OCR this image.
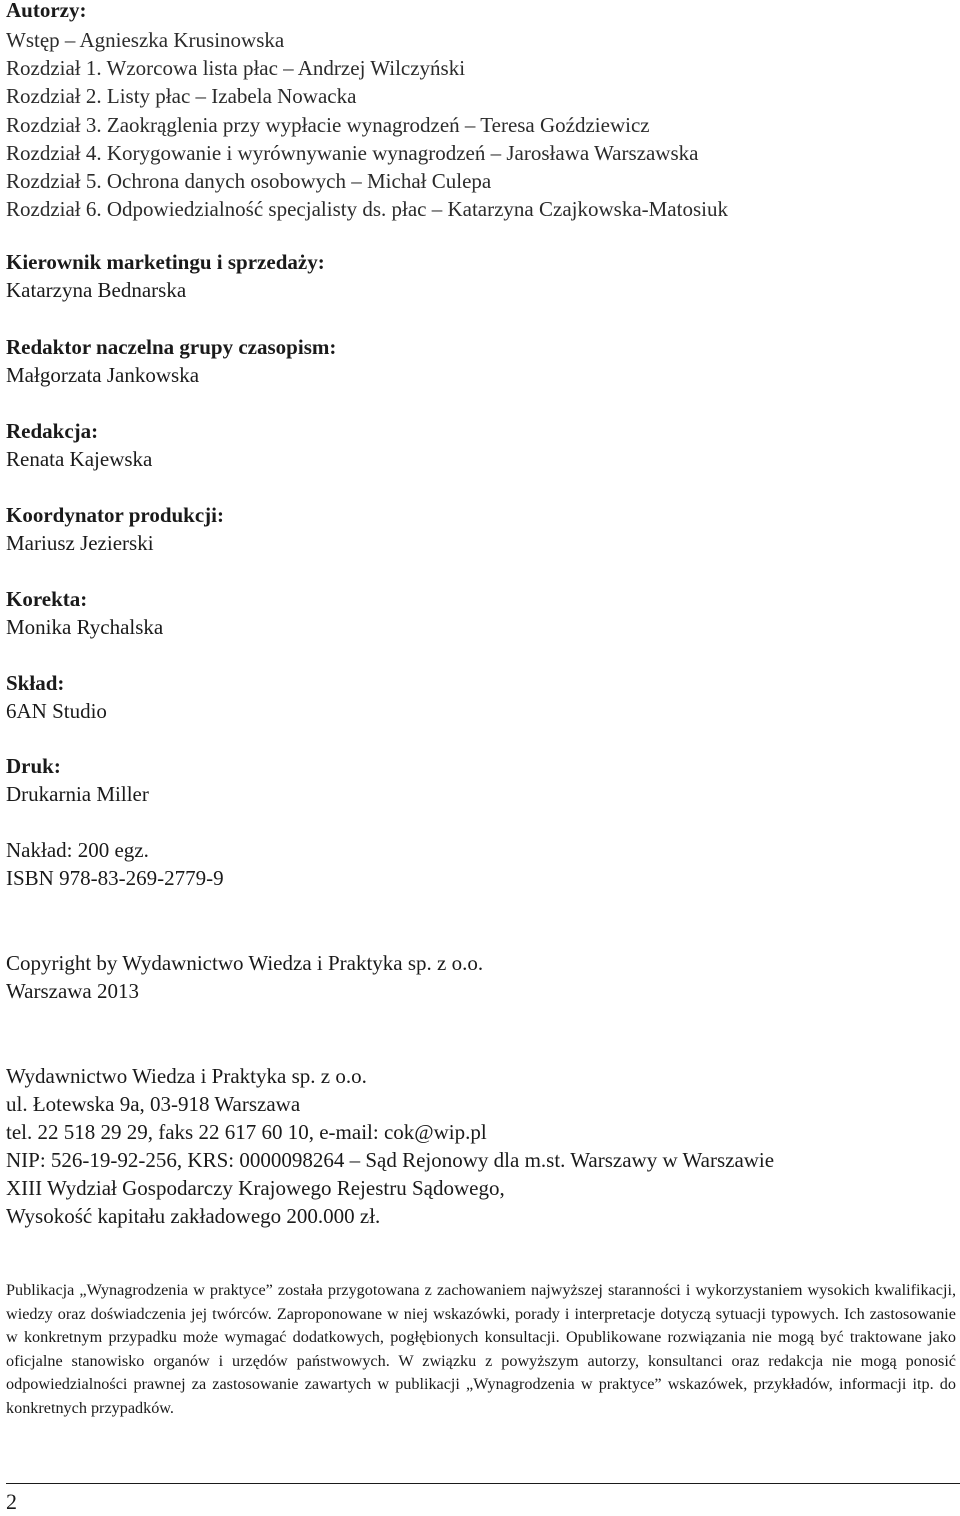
Autorzy:
Wstęp – Agnieszka Krusinowska
Rozdział 1. Wzorcowa lista płac – Andrzej Wilczyński
Rozdział 2. Listy płac – Izabela Nowacka
Rozdział 3. Zaokrąglenia przy wypłacie wynagrodzeń – Teresa Goździewicz
Rozdział 4. Korygowanie i wyrównywanie wynagrodzeń – Jarosława Warszawska
Rozdział 5. Ochrona danych osobowych – Michał Culepa
Rozdział 6. Odpowiedzialność specjalisty ds. płac – Katarzyna Czajkowska-Matosiuk
Kierownik marketingu i sprzedaży:
Katarzyna Bednarska
Redaktor naczelna grupy czasopism:
Małgorzata Jankowska
Redakcja:
Renata Kajewska
Koordynator produkcji:
Mariusz Jezierski
Korekta:
Monika Rychalska
Skład:
6AN Studio
Druk:
Drukarnia Miller
Nakład: 200 egz.
ISBN 978-83-269-2779-9
Copyright by Wydawnictwo Wiedza i Praktyka sp. z o.o.
Warszawa 2013
Wydawnictwo Wiedza i Praktyka sp. z o.o.
ul. Łotewska 9a, 03-918 Warszawa
tel. 22 518 29 29, faks 22 617 60 10, e-mail: cok@wip.pl
NIP: 526-19-92-256, KRS: 0000098264 – Sąd Rejonowy dla m.st. Warszawy w Warszawie
XIII Wydział Gospodarczy Krajowego Rejestru Sądowego,
Wysokość kapitału zakładowego 200.000 zł.
Publikacja „Wynagrodzenia w praktyce” została przygotowana z zachowaniem najwyższej staranności i wykorzystaniem wysokich kwalifikacji, wiedzy oraz doświadczenia jej twórców. Zaproponowane w niej wskazówki, porady i interpretacje dotyczą sytuacji typowych. Ich zastosowanie w konkretnym przypadku może wymagać dodatkowych, pogłębionych konsultacji. Opublikowane rozwiązania nie mogą być traktowane jako oficjalne stanowisko organów i urzędów państwowych. W związku z powyższym autorzy, konsultanci oraz redakcja nie mogą ponosić odpowiedzialności prawnej za zastosowanie zawartych w publikacji „Wynagrodzenia w praktyce” wskazówek, przykładów, informacji itp. do konkretnych przypadków.
2
